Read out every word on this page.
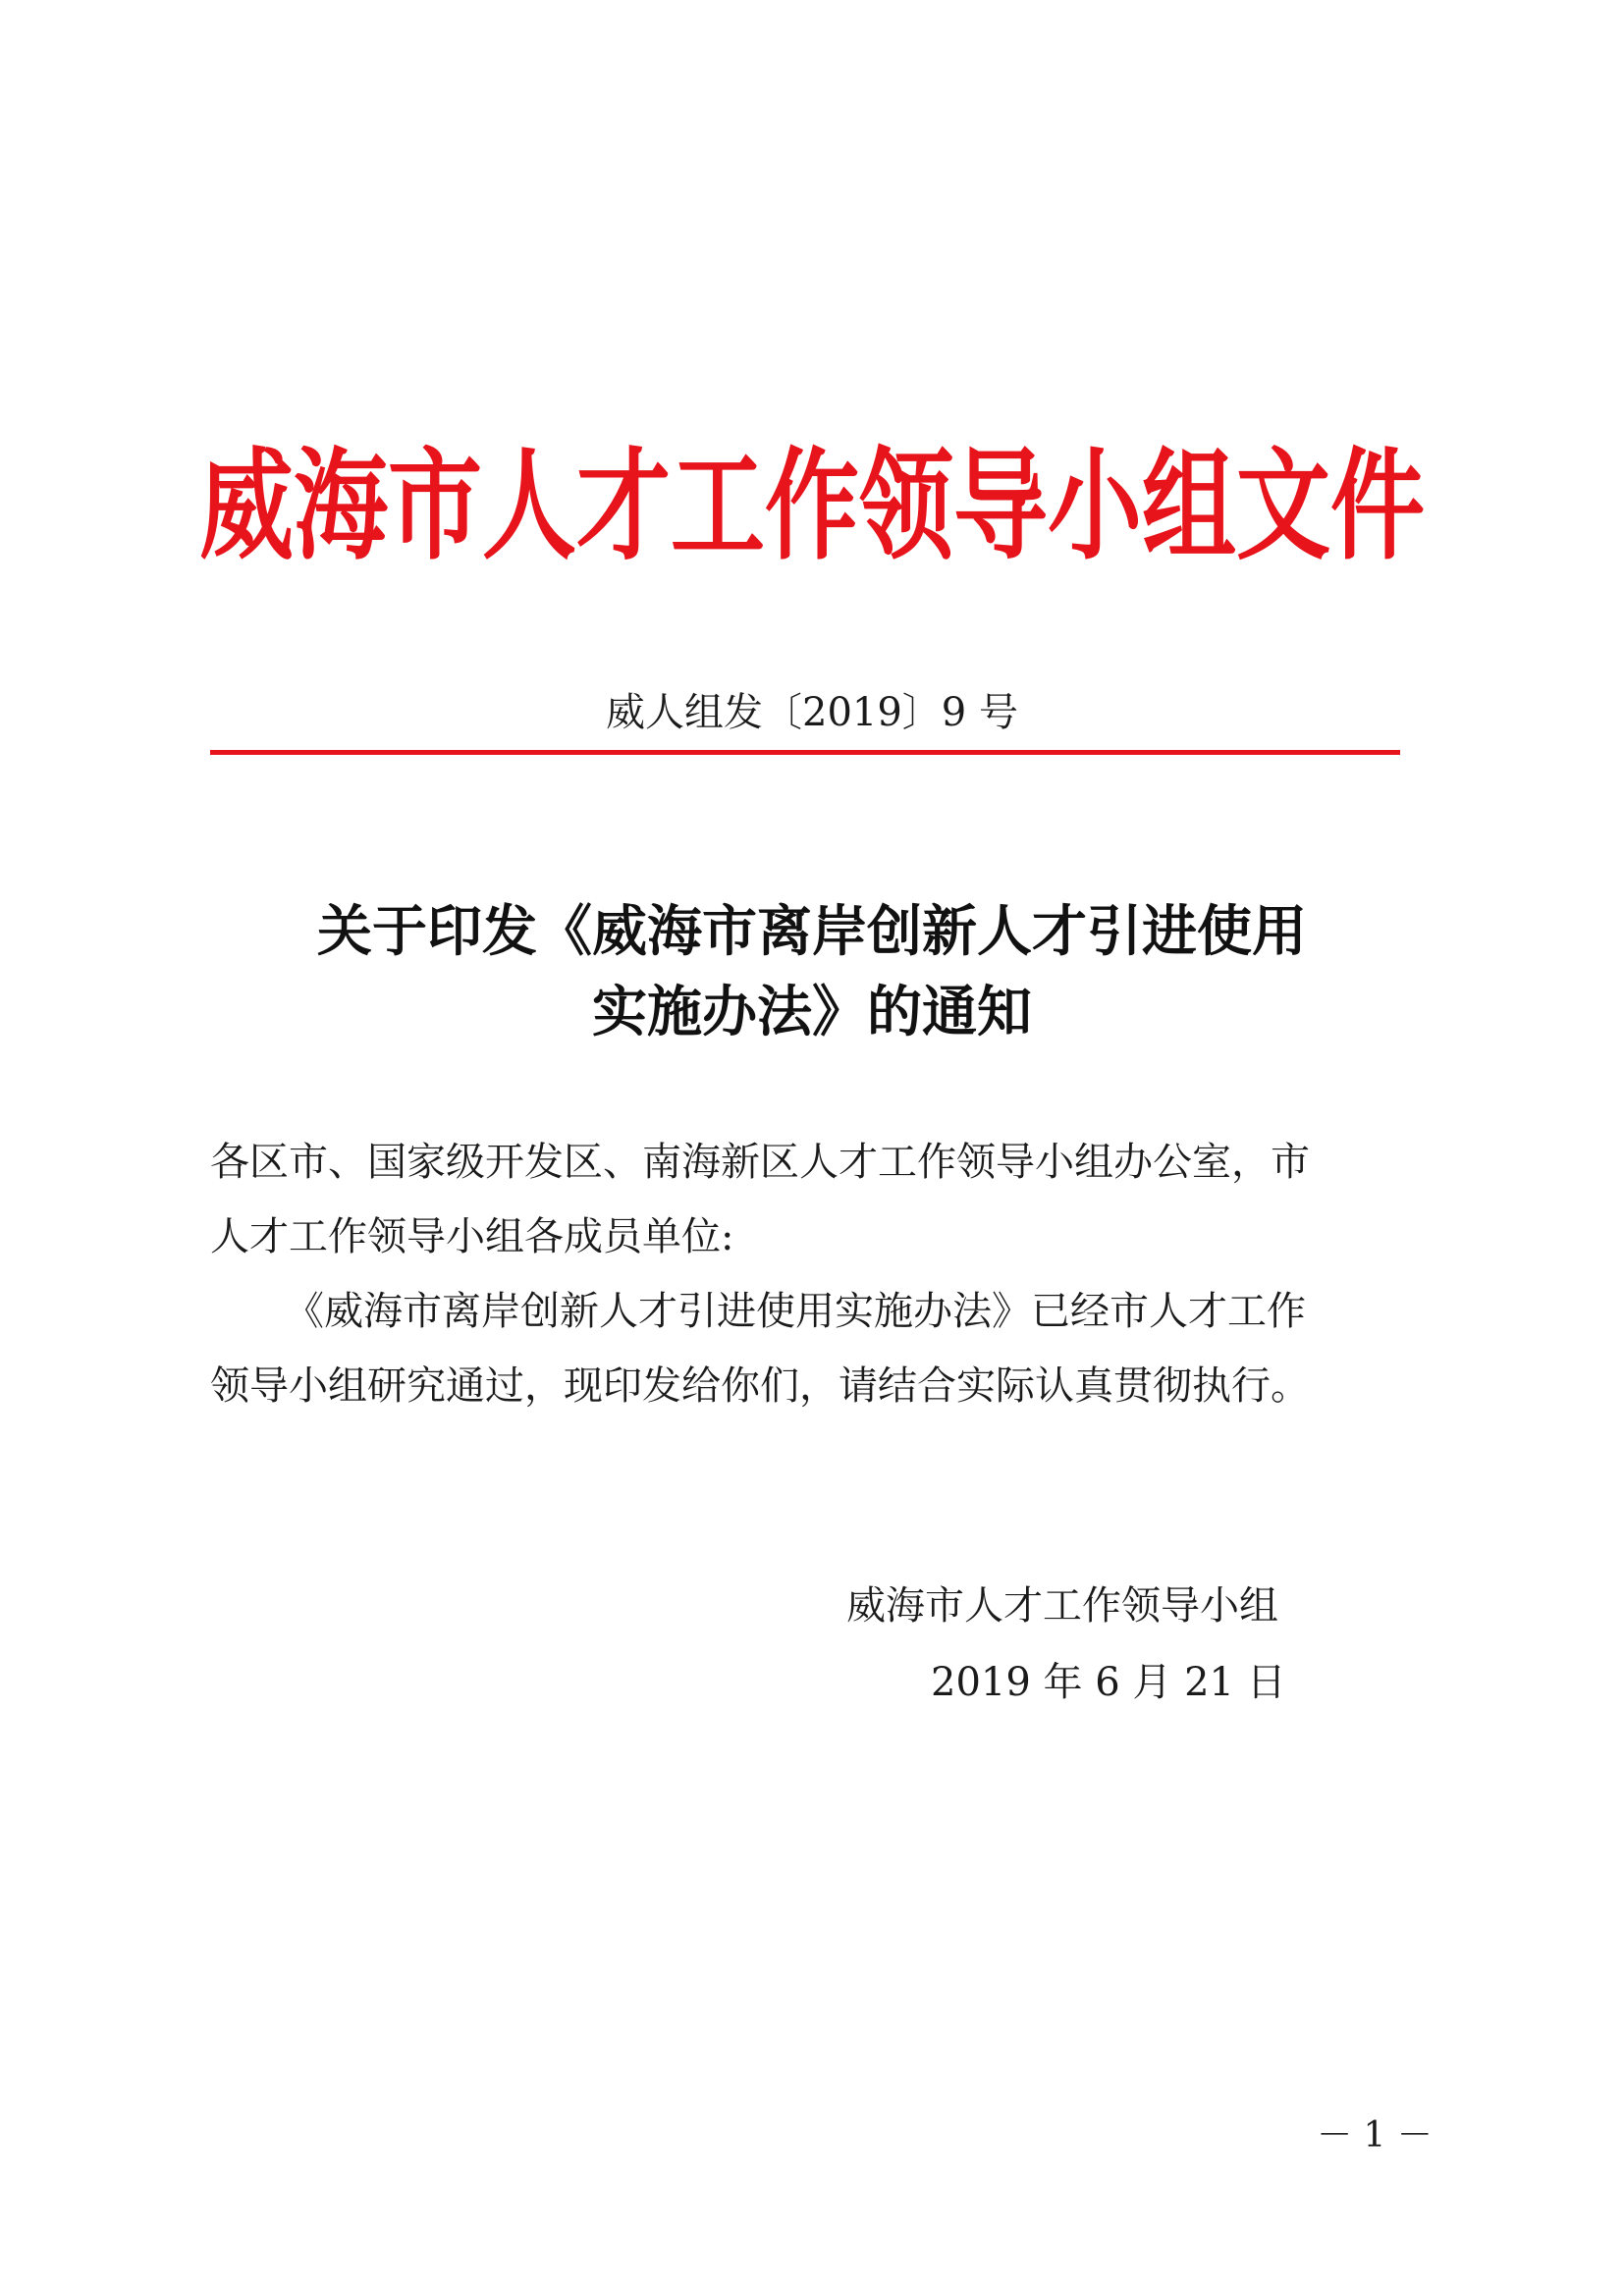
威海市人才工作领导小组文件
威人组发〔2019〕9 号
关于印发《威海市离岸创新人才引进使用
实施办法》的通知
各区市、国家级开发区、南海新区人才工作领导小组办公室，市
人才工作领导小组各成员单位:
《威海市离岸创新人才引进使用实施办法》已经市人才工作
领导小组研究通过，现印发给你们，请结合实际认真贯彻执行。
威海市人才工作领导小组
2019 年 6 月 21 日
－ 1 －
